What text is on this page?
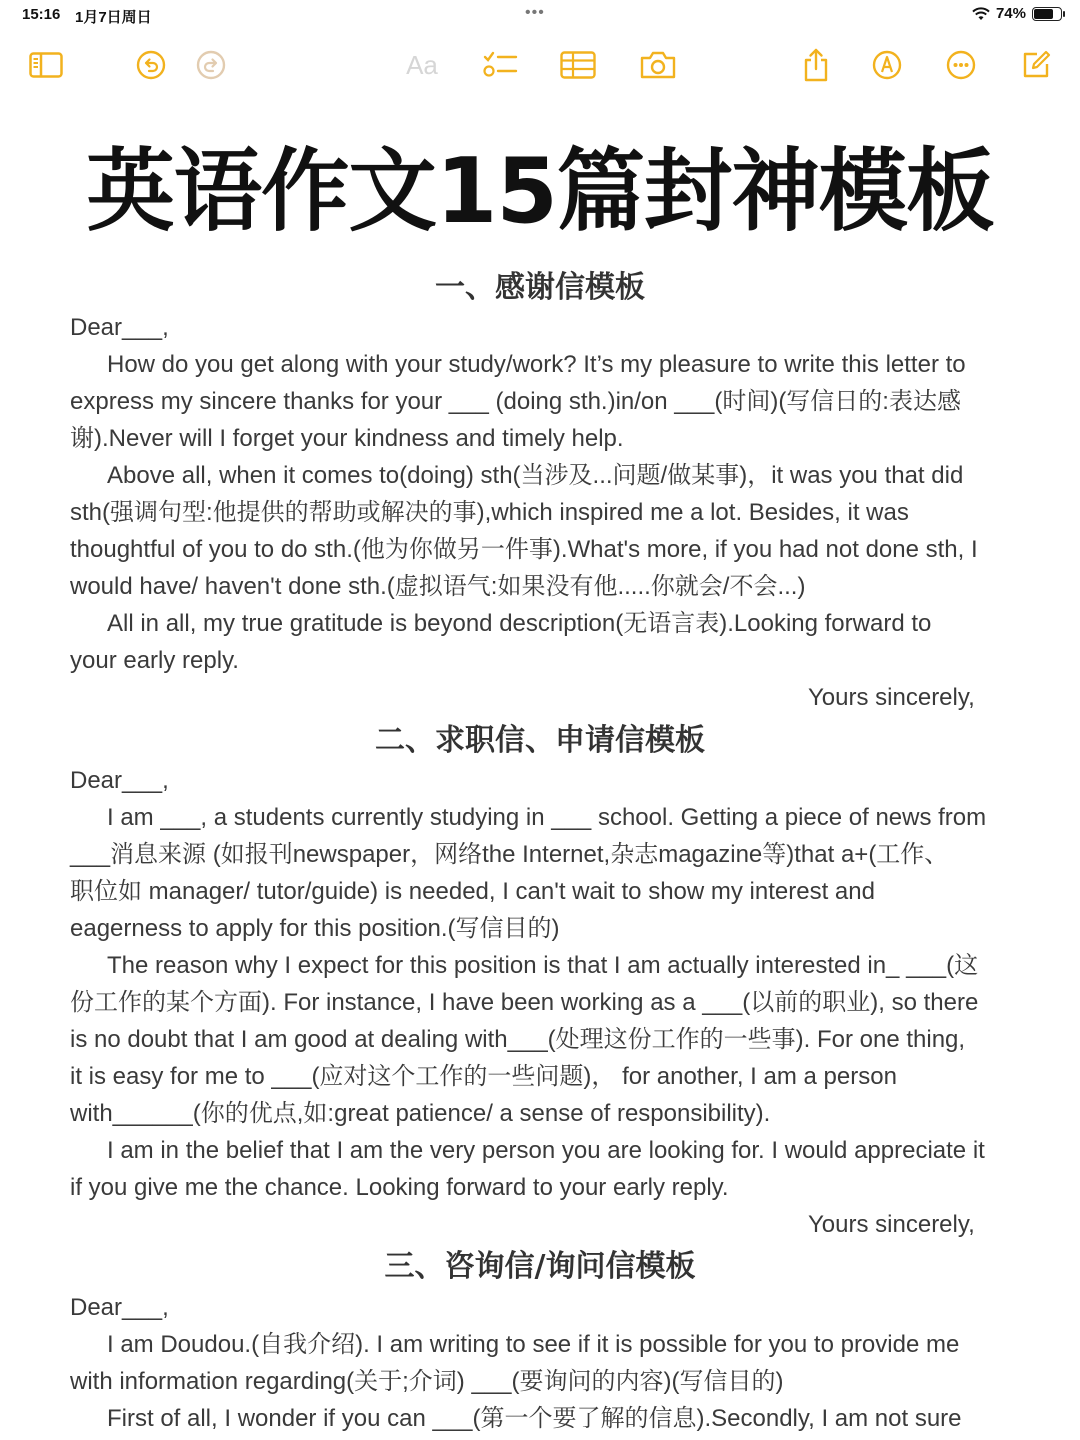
15:16 1月7日周日	•••	74%
Aa
英语作文15篇封神模板
一、感谢信模板
Dear___,
How do you get along with your study/work? It’s my pleasure to write this letter to
express my sincere thanks for your ___ (doing sth.)in/on ___(时间)(写信日的:表达感
谢).Never will I forget your kindness and timely help.
Above all, when it comes to(doing) sth(当涉及...问题/做某事)，it was you that did
sth(强调句型:他提供的帮助或解决的事),which inspired me a lot. Besides, it was
thoughtful of you to do sth.(他为你做另一件事).What's more, if you had not done sth, I
would have/ haven't done sth.(虚拟语气:如果没有他.....你就会/不会...)
All in all, my true gratitude is beyond description(无语言表).Looking forward to
your early reply.
Yours sincerely,
二、求职信、申请信模板
Dear___,
I am ___, a students currently studying in ___ school. Getting a piece of news from
___消息来源 (如报刊newspaper，网络the Internet,杂志magazine等)that a+(工作、
职位如 manager/ tutor/guide) is needed, I can't wait to show my interest and
eagerness to apply for this position.(写信目的)
The reason why I expect for this position is that I am actually interested in_ ___(这
份工作的某个方面). For instance, I have been working as a ___(以前的职业), so there
is no doubt that I am good at dealing with___(处理这份工作的一些事). For one thing,
it is easy for me to ___(应对这个工作的一些问题)， for another, I am a person
with______(你的优点,如:great patience/ a sense of responsibility).
I am in the belief that I am the very person you are looking for. I would appreciate it
if you give me the chance. Looking forward to your early reply.
Yours sincerely,
三、咨询信/询问信模板
Dear___,
I am Doudou.(自我介绍). I am writing to see if it is possible for you to provide me
with information regarding(关于;介词) ___(要询问的内容)(写信目的)
First of all, I wonder if you can ___(第一个要了解的信息).Secondly, I am not sure
